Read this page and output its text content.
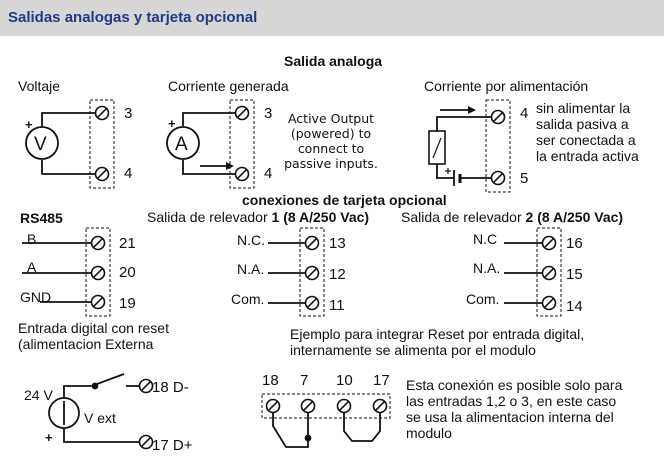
Salidas analogas y tarjeta opcional
Salida analoga
Voltaje	Corriente generada	Corriente por alimentación
+
V
3
4
+
A
3
4
Active Output
(powered) to
connect to
passive inputs.
4
5
sin alimentar la
salida pasiva a
ser conectada a
la entrada activa
conexiones de tarjeta opcional
RS485	Salida de relevador 1 (8 A/250 Vac) Salida de relevador 2 (8 A/250 Vac)
B
A
GND
21
20
19
N.C.
N.A.
Com.
13
12
11
N.C
N.A.
Com.
16
15
14
Entrada digital con reset
(alimentacion Externa
24 V
V ext
+
18 D-
17 D+
Ejemplo para integrar Reset por entrada digital,
internamente se alimenta por el modulo
18 7 10 17 Esta conexión es posible solo para
las entradas 1,2 o 3, en este caso
se usa la alimentacion interna del
modulo
